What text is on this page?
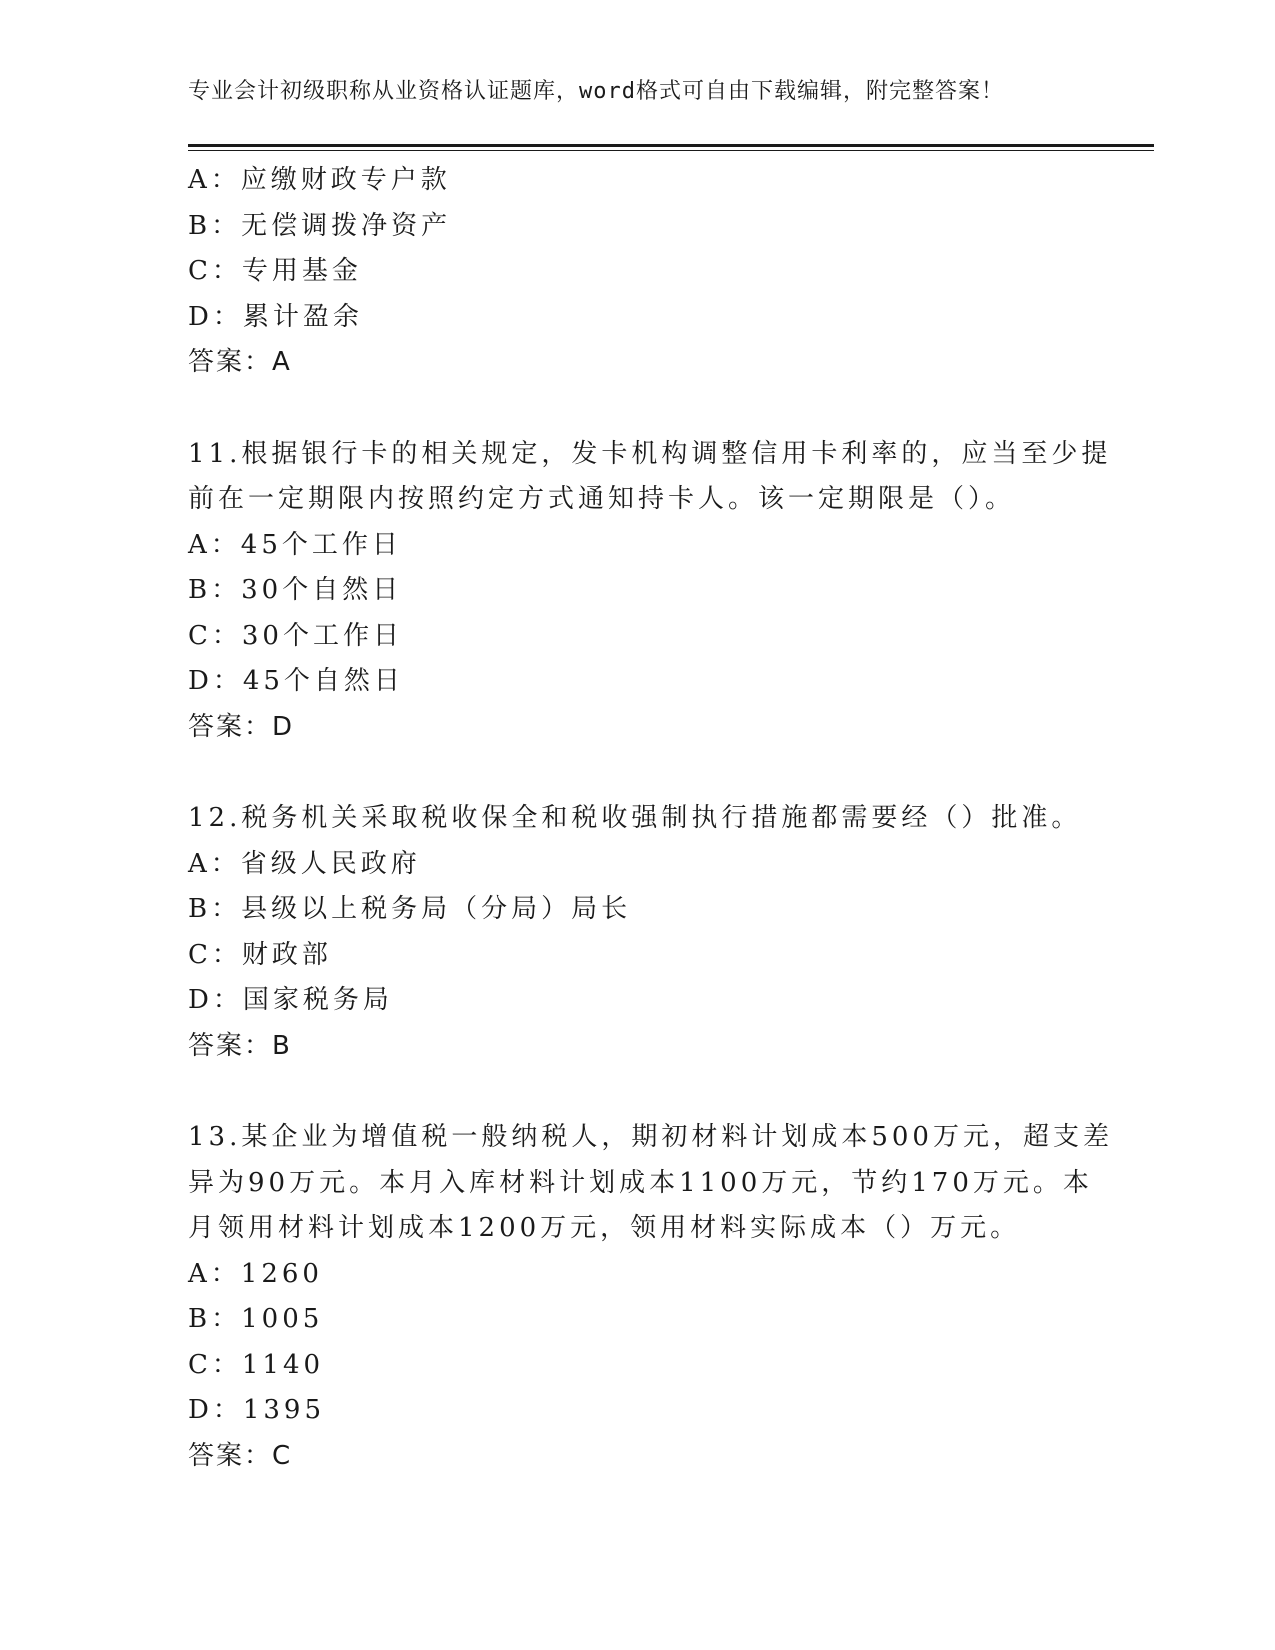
专业会计初级职称从业资格认证题库，word格式可自由下载编辑，附完整答案！
A：应缴财政专户款
B：无偿调拨净资产
C：专用基金
D：累计盈余
答案：A
11.根据银行卡的相关规定，发卡机构调整信用卡利率的，应当至少提
前在一定期限内按照约定方式通知持卡人。该一定期限是（）。
A：45个工作日
B：30个自然日
C：30个工作日
D：45个自然日
答案：D
12.税务机关采取税收保全和税收强制执行措施都需要经（）批准。
A：省级人民政府
B：县级以上税务局（分局）局长
C：财政部
D：国家税务局
答案：B
13.某企业为增值税一般纳税人，期初材料计划成本500万元，超支差
异为90万元。本月入库材料计划成本1100万元，节约170万元。本
月领用材料计划成本1200万元，领用材料实际成本（）万元。
A：1260
B：1005
C：1140
D：1395
答案：C
